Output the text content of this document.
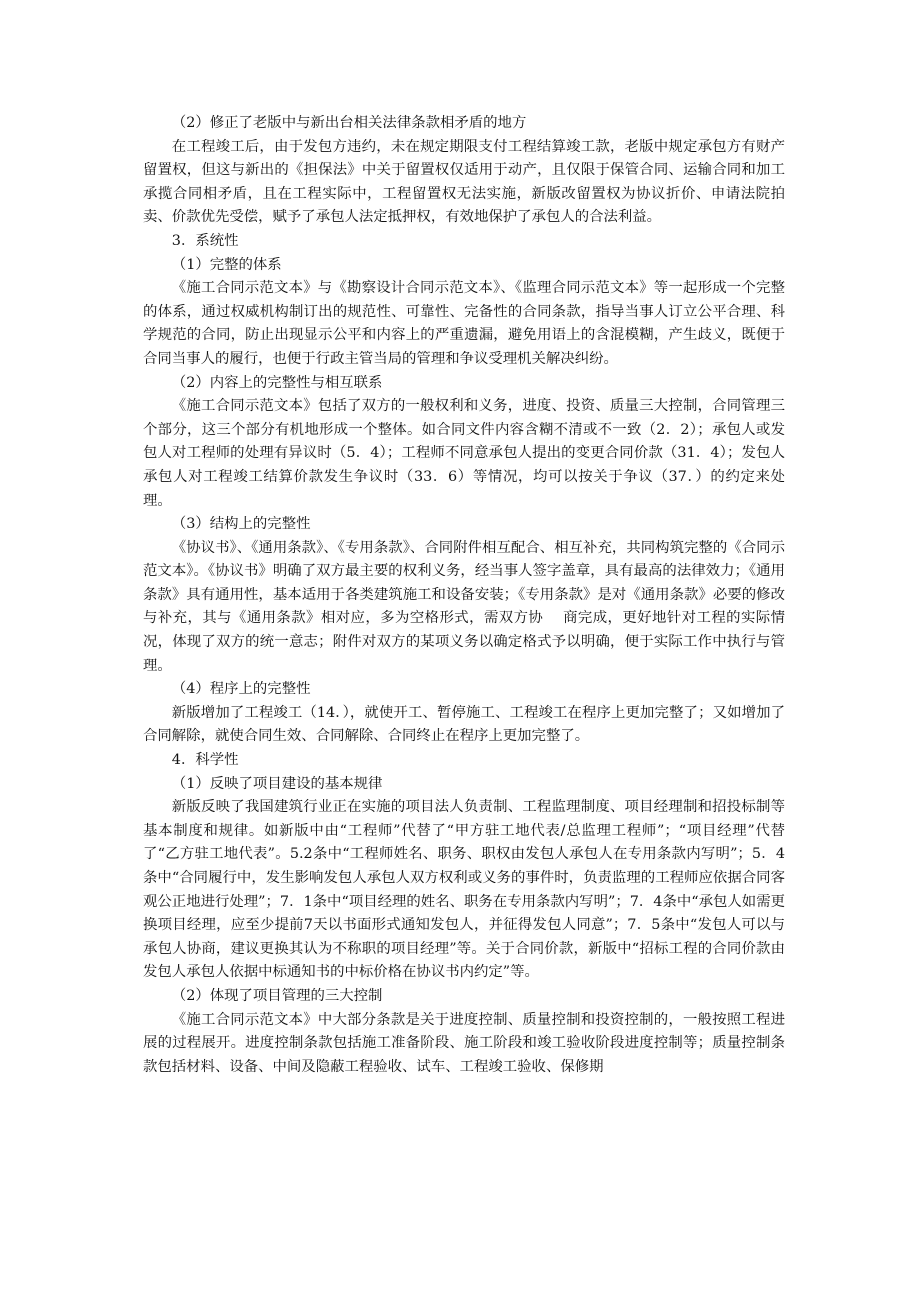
（2）修正了老版中与新出台相关法律条款相矛盾的地方

在工程竣工后，由于发包方违约，未在规定期限支付工程结算竣工款，老版中规定承包方有财产留置权，但这与新出的《担保法》中关于留置权仅适用于动产，且仅限于保管合同、运输合同和加工承揽合同相矛盾，且在工程实际中，工程留置权无法实施，新版改留置权为协议折价、申请法院拍卖、价款优先受偿，赋予了承包人法定抵押权，有效地保护了承包人的合法利益。

3．系统性

（1）完整的体系

《施工合同示范文本》与《勘察设计合同示范文本》、《监理合同示范文本》等一起形成一个完整的体系，通过权威机构制订出的规范性、可靠性、完备性的合同条款，指导当事人订立公平合理、科学规范的合同，防止出现显示公平和内容上的严重遗漏，避免用语上的含混模糊，产生歧义，既便于合同当事人的履行，也便于行政主管当局的管理和争议受理机关解决纠纷。

（2）内容上的完整性与相互联系

《施工合同示范文本》包括了双方的一般权利和义务，进度、投资、质量三大控制，合同管理三个部分，这三个部分有机地形成一个整体。如合同文件内容含糊不清或不一致（2．2）；承包人或发包人对工程师的处理有异议时（5．4）；工程师不同意承包人提出的变更合同价款（31．4）；发包人承包人对工程竣工结算价款发生争议时（33．6）等情况，均可以按关于争议（37．）的约定来处理。

（3）结构上的完整性

《协议书》、《通用条款》、《专用条款》、合同附件相互配合、相互补充，共同构筑完整的《合同示范文本》。《协议书》明确了双方最主要的权利义务，经当事人签字盖章，具有最高的法律效力；《通用条款》具有通用性，基本适用于各类建筑施工和设备安装；《专用条款》是对《通用条款》必要的修改与补充，其与《通用条款》相对应，多为空格形式，需双方协　 商完成，更好地针对工程的实际情况，体现了双方的统一意志；附件对双方的某项义务以确定格式予以明确，便于实际工作中执行与管理。

（4）程序上的完整性

新版增加了工程竣工（14．），就使开工、暂停施工、工程竣工在程序上更加完整了；又如增加了合同解除，就使合同生效、合同解除、合同终止在程序上更加完整了。

4．科学性

（1）反映了项目建设的基本规律

新版反映了我国建筑行业正在实施的项目法人负责制、工程监理制度、项目经理制和招投标制等基本制度和规律。如新版中由“工程师”代替了“甲方驻工地代表/总监理工程师”；“项目经理”代替了“乙方驻工地代表”。5.2条中“工程师姓名、职务、职权由发包人承包人在专用条款内写明”；5．4条中“合同履行中，发生影响发包人承包人双方权利或义务的事件时，负责监理的工程师应依据合同客观公正地进行处理”；7．1条中“项目经理的姓名、职务在专用条款内写明”；7．4条中“承包人如需更换项目经理，应至少提前7天以书面形式通知发包人，并征得发包人同意”；7．5条中“发包人可以与承包人协商，建议更换其认为不称职的项目经理”等。关于合同价款，新版中“招标工程的合同价款由发包人承包人依据中标通知书的中标价格在协议书内约定”等。

（2）体现了项目管理的三大控制

《施工合同示范文本》中大部分条款是关于进度控制、质量控制和投资控制的，一般按照工程进展的过程展开。进度控制条款包括施工准备阶段、施工阶段和竣工验收阶段进度控制等；质量控制条款包括材料、设备、中间及隐蔽工程验收、试车、工程竣工验收、保修期
